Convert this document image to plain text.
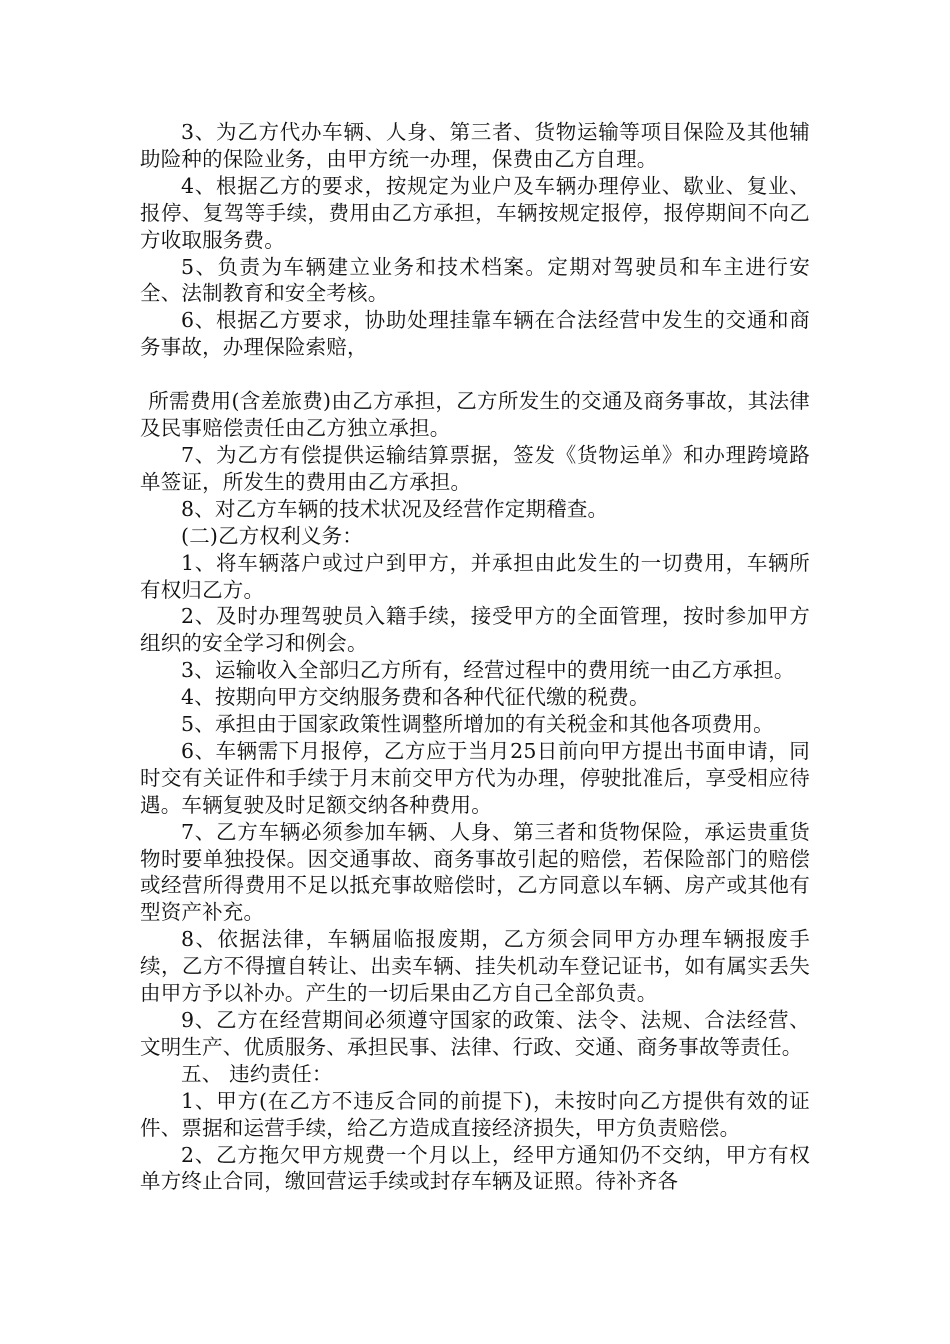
3、为乙方代办车辆、人身、第三者、货物运输等项目保险及其他辅助险种的保险业务，由甲方统一办理，保费由乙方自理。

4、根据乙方的要求，按规定为业户及车辆办理停业、歇业、复业、报停、复驾等手续，费用由乙方承担，车辆按规定报停，报停期间不向乙方收取服务费。

5、负责为车辆建立业务和技术档案。定期对驾驶员和车主进行安全、法制教育和安全考核。

6、根据乙方要求，协助处理挂靠车辆在合法经营中发生的交通和商务事故，办理保险索赔，

所需费用(含差旅费)由乙方承担，乙方所发生的交通及商务事故，其法律及民事赔偿责任由乙方独立承担。

7、为乙方有偿提供运输结算票据，签发《货物运单》和办理跨境路单签证，所发生的费用由乙方承担。

8、对乙方车辆的技术状况及经营作定期稽查。

(二)乙方权利义务：

1、将车辆落户或过户到甲方，并承担由此发生的一切费用，车辆所有权归乙方。

2、及时办理驾驶员入籍手续，接受甲方的全面管理，按时参加甲方组织的安全学习和例会。

3、运输收入全部归乙方所有，经营过程中的费用统一由乙方承担。

4、按期向甲方交纳服务费和各种代征代缴的税费。

5、承担由于国家政策性调整所增加的有关税金和其他各项费用。

6、车辆需下月报停，乙方应于当月25日前向甲方提出书面申请，同时交有关证件和手续于月末前交甲方代为办理，停驶批准后，享受相应待遇。车辆复驶及时足额交纳各种费用。

7、乙方车辆必须参加车辆、人身、第三者和货物保险，承运贵重货物时要单独投保。因交通事故、商务事故引起的赔偿，若保险部门的赔偿或经营所得费用不足以抵充事故赔偿时，乙方同意以车辆、房产或其他有型资产补充。

8、依据法律，车辆届临报废期，乙方须会同甲方办理车辆报废手续，乙方不得擅自转让、出卖车辆、挂失机动车登记证书，如有属实丢失由甲方予以补办。产生的一切后果由乙方自己全部负责。

9、乙方在经营期间必须遵守国家的政策、法令、法规、合法经营、文明生产、优质服务、承担民事、法律、行政、交通、商务事故等责任。

五、 违约责任：

1、甲方(在乙方不违反合同的前提下)，未按时向乙方提供有效的证件、票据和运营手续，给乙方造成直接经济损失，甲方负责赔偿。

2、乙方拖欠甲方规费一个月以上，经甲方通知仍不交纳，甲方有权单方终止合同，缴回营运手续或封存车辆及证照。待补齐各
